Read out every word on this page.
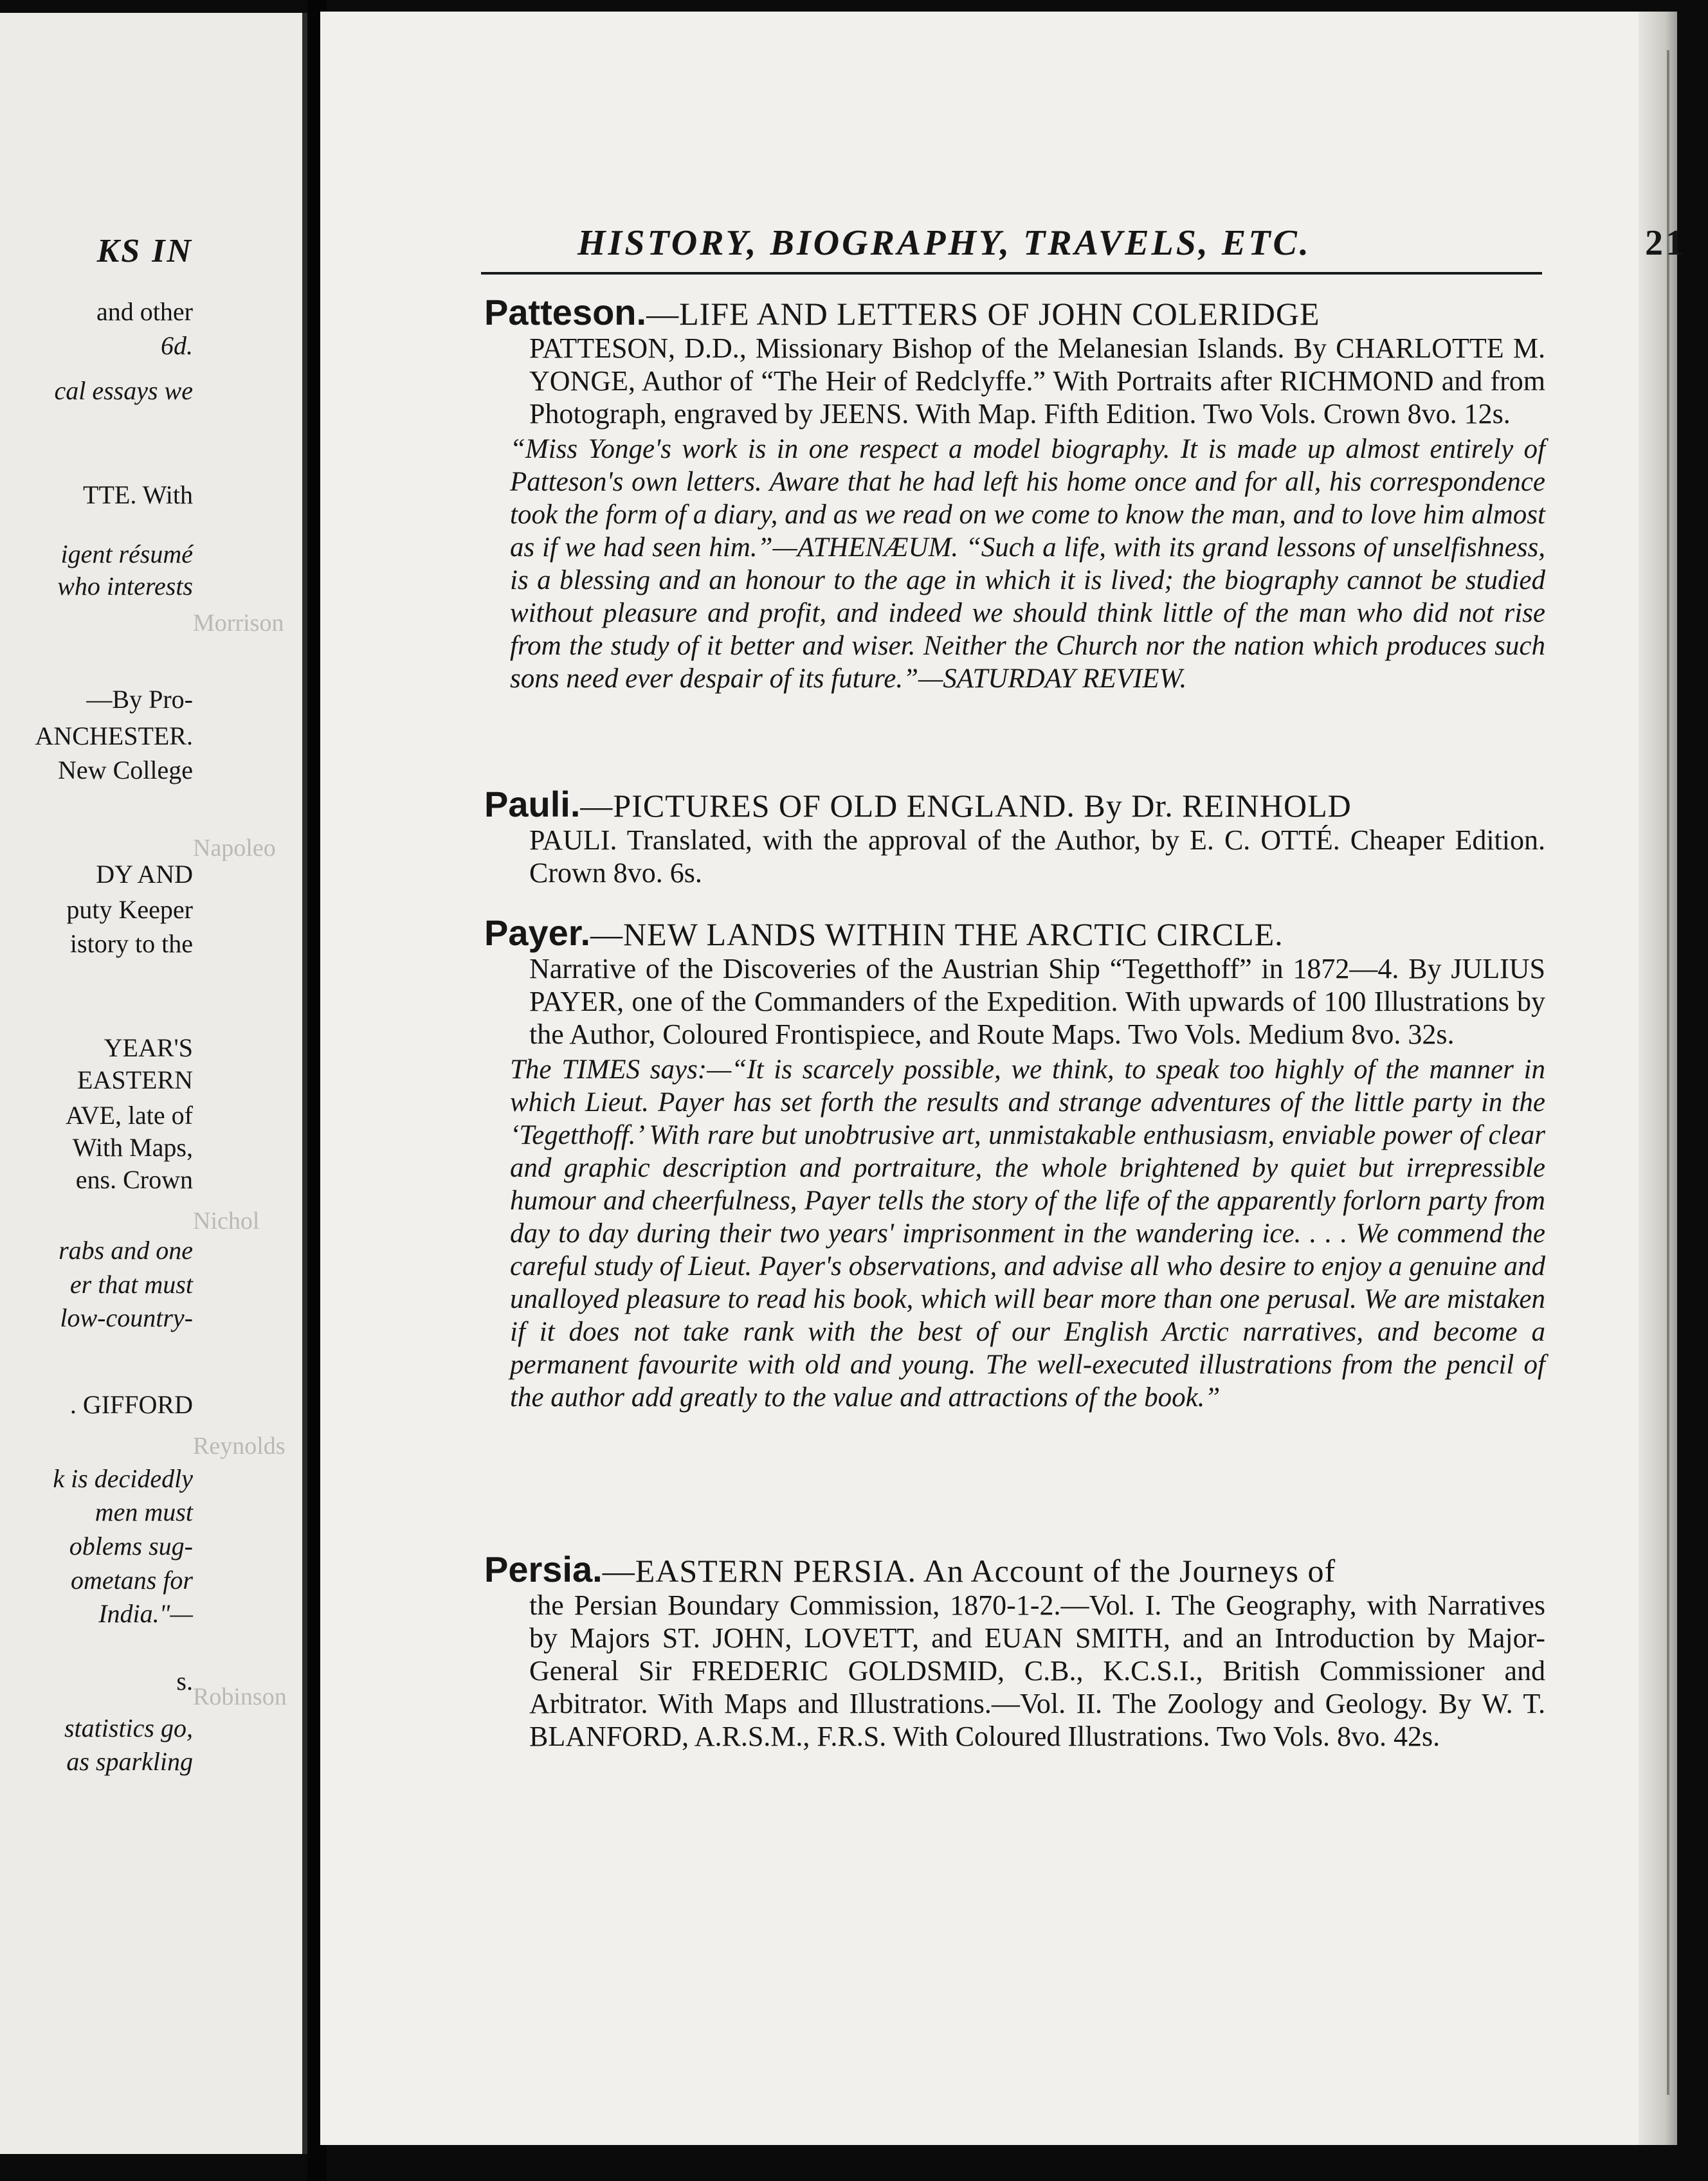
KS IN
and other
6d.
cal essays we
TTE. With
igent résumé
who interests
—By Pro-
ANCHESTER.
New College
DY AND
puty Keeper
istory to the
YEAR'S
EASTERN
AVE, late of
With Maps,
ens. Crown
rabs and one
er that must
low-country-
. GIFFORD
k is decidedly
men must
oblems sug-
ometans for
India."—
s.
statistics go,
as sparkling
Morrison
Napoleo
Nichol
Reynolds
Robinson
HISTORY, BIOGRAPHY, TRAVELS, ETC.	21
Patteson.—LIFE AND LETTERS OF JOHN COLERIDGE
PATTESON, D.D., Missionary Bishop of the Melanesian Islands. By CHARLOTTE M. YONGE, Author of “The Heir of Redclyffe.” With Portraits after RICHMOND and from Photograph, engraved by JEENS. With Map. Fifth Edition. Two Vols. Crown 8vo. 12s.
“Miss Yonge's work is in one respect a model biography. It is made up almost entirely of Patteson's own letters. Aware that he had left his home once and for all, his correspondence took the form of a diary, and as we read on we come to know the man, and to love him almost as if we had seen him.”—ATHENÆUM. “Such a life, with its grand lessons of unselfishness, is a blessing and an honour to the age in which it is lived; the biography cannot be studied without pleasure and profit, and indeed we should think little of the man who did not rise from the study of it better and wiser. Neither the Church nor the nation which produces such sons need ever despair of its future.”—SATURDAY REVIEW.
Pauli.—PICTURES OF OLD ENGLAND. By Dr. REINHOLD
PAULI. Translated, with the approval of the Author, by E. C. OTTÉ. Cheaper Edition. Crown 8vo. 6s.
Payer.—NEW LANDS WITHIN THE ARCTIC CIRCLE.
Narrative of the Discoveries of the Austrian Ship “Tegetthoff” in 1872—4. By JULIUS PAYER, one of the Commanders of the Expedition. With upwards of 100 Illustrations by the Author, Coloured Frontispiece, and Route Maps. Two Vols. Medium 8vo. 32s.
The TIMES says:—“It is scarcely possible, we think, to speak too highly of the manner in which Lieut. Payer has set forth the results and strange adventures of the little party in the ‘Tegetthoff.’ With rare but unobtrusive art, unmistakable enthusiasm, enviable power of clear and graphic description and portraiture, the whole brightened by quiet but irrepressible humour and cheerfulness, Payer tells the story of the life of the apparently forlorn party from day to day during their two years' imprisonment in the wandering ice. . . . We commend the careful study of Lieut. Payer's observations, and advise all who desire to enjoy a genuine and unalloyed pleasure to read his book, which will bear more than one perusal. We are mistaken if it does not take rank with the best of our English Arctic narratives, and become a permanent favourite with old and young. The well-executed illustrations from the pencil of the author add greatly to the value and attractions of the book.”
Persia.—EASTERN PERSIA. An Account of the Journeys of
the Persian Boundary Commission, 1870-1-2.—Vol. I. The Geography, with Narratives by Majors ST. JOHN, LOVETT, and EUAN SMITH, and an Introduction by Major-General Sir FREDERIC GOLDSMID, C.B., K.C.S.I., British Commissioner and Arbitrator. With Maps and Illustrations.—Vol. II. The Zoology and Geology. By W. T. BLANFORD, A.R.S.M., F.R.S. With Coloured Illustrations. Two Vols. 8vo. 42s.
